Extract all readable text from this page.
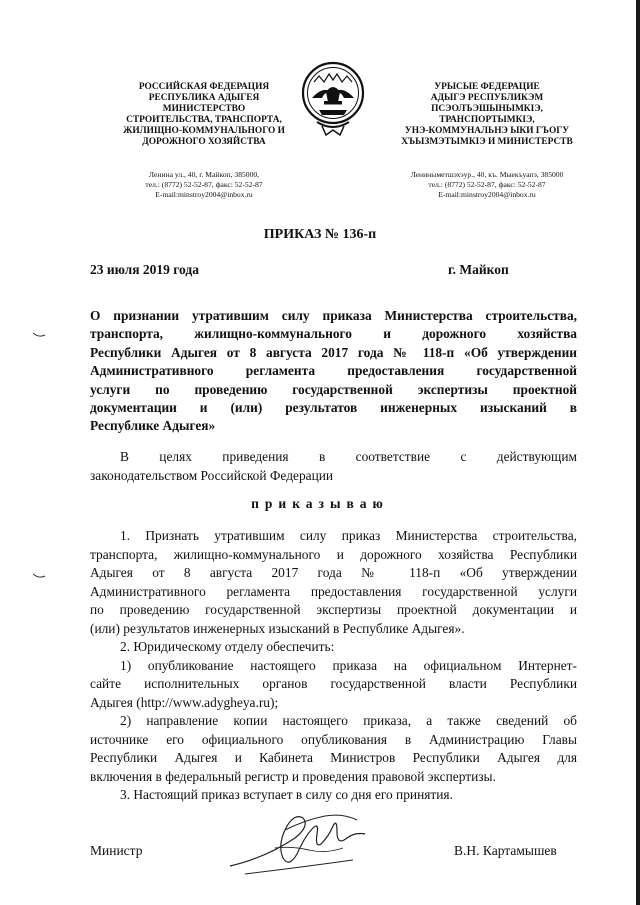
РОССИЙСКАЯ ФЕДЕРАЦИЯ
РЕСПУБЛИКА АДЫГЕЯ
МИНИСТЕРСТВО
СТРОИТЕЛЬСТВА, ТРАНСПОРТА,
ЖИЛИЩНО-КОММУНАЛЬНОГО И
ДОРОЖНОГО ХОЗЯЙСТВА
УРЫСЫЕ ФЕДЕРАЦИЕ
АДЫГЭ РЕСПУБЛИКЭМ
ПСЭОЛЪЭШЫНЫМКIЭ,
ТРАНСПОРТЫМКIЭ,
УНЭ-КОММУНАЛЬНЭ ЫКИ ГЪОГУ
ХЪЫЗМЭТЫМКIЭ И МИНИСТЕРСТВ
Ленина ул., 40, г. Майкоп, 385000,
тел.: (8772) 52-52-87, факс: 52-52-87
E-mail:minstroy2004@inbox.ru
Лениныметшэхэур., 40, къ. Мыекъуапэ, 385000
тел.: (8772) 52-52-87, факс: 52-52-87
E-mail:minstroy2004@inbox.ru
ПРИКАЗ № 136-п
23 июля 2019 года	г. Майкоп
О признании утратившим силу приказа Министерства строительства,
транспорта, жилищно-коммунального и дорожного хозяйства
Республики Адыгея от 8 августа 2017 года № 118-п «Об утверждении
Административного регламента предоставления государственной
услуги по проведению государственной экспертизы проектной
документации и (или) результатов инженерных изысканий в
Республике Адыгея»
В целях приведения в соответствие с действующим
законодательством Российской Федерации
приказываю
1. Признать утратившим силу приказ Министерства строительства,
транспорта, жилищно-коммунального и дорожного хозяйства Республики
Адыгея от 8 августа 2017 года № 118-п «Об утверждении
Административного регламента предоставления государственной услуги
по проведению государственной экспертизы проектной документации и
(или) результатов инженерных изысканий в Республике Адыгея».
2. Юридическому отделу обеспечить:
1) опубликование настоящего приказа на официальном Интернет-
сайте исполнительных органов государственной власти Республики
Адыгея (http://www.adygheya.ru);
2) направление копии настоящего приказа, а также сведений об
источнике его официального опубликования в Администрацию Главы
Республики Адыгея и Кабинета Министров Республики Адыгея для
включения в федеральный регистр и проведения правовой экспертизы.
3. Настоящий приказ вступает в силу со дня его принятия.
Министр	В.Н. Картамышев
